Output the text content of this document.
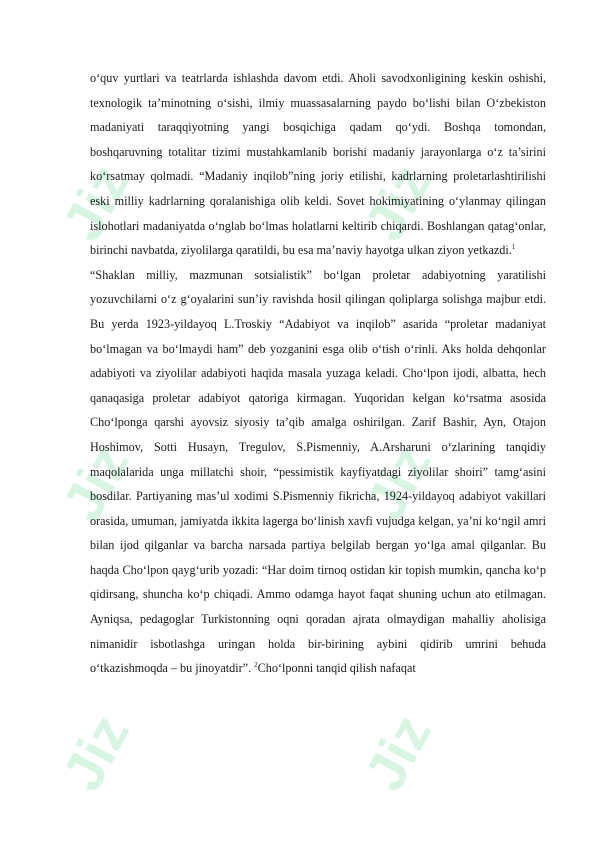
Jiz	Jiz
Jiz	Jiz
Jiz	Jiz

o‘quv yurtlari va teatrlarda ishlashda davom etdi. Aholi savodxonligining keskin oshishi, texnologik ta’minotning o‘sishi, ilmiy muassasalarning paydo bo‘lishi bilan O‘zbekiston madaniyati taraqqiyotning yangi bosqichiga qadam qo‘ydi. Boshqa tomondan, boshqaruvning totalitar tizimi mustahkamlanib borishi madaniy jarayonlarga o‘z ta’sirini ko‘rsatmay qolmadi. “Madaniy inqilob”ning joriy etilishi, kadrlarning proletarlashtirilishi eski milliy kadrlarning qoralanishiga olib keldi. Sovet hokimiyatining o‘ylanmay qilingan islohotlari madaniyatda o‘nglab bo‘lmas holatlarni keltirib chiqardi. Boshlangan qatag‘onlar, birinchi navbatda, ziyolilarga qaratildi, bu esa ma’naviy hayotga ulkan ziyon yetkazdi.$^1$

“Shaklan milliy, mazmunan sotsialistik” bo‘lgan proletar adabiyotning yaratilishi yozuvchilarni o‘z g‘oyalarini sun’iy ravishda hosil qilingan qoliplarga solishga majbur etdi. Bu yerda 1923-yildayoq L.Troskiy “Adabiyot va inqilob” asarida “proletar madaniyat bo‘lmagan va bo‘lmaydi ham” deb yozganini esga olib o‘tish o‘rinli. Aks holda dehqonlar adabiyoti va ziyolilar adabiyoti haqida masala yuzaga keladi. Cho‘lpon ijodi, albatta, hech qanaqasiga proletar adabiyot qatoriga kirmagan. Yuqoridan kelgan ko‘rsatma asosida Cho‘lponga qarshi ayovsiz siyosiy ta’qib amalga oshirilgan. Zarif Bashir, Ayn, Otajon Hoshimov, Sotti Husayn, Tregulov, S.Pismenniy, A.Arsharuni o‘zlarining tanqidiy maqolalarida unga millatchi shoir, “pessimistik kayfiyatdagi ziyolilar shoiri” tamg‘asini bosdilar. Partiyaning mas’ul xodimi S.Pismenniy fikricha, 1924-yildayoq adabiyot vakillari orasida, umuman, jamiyatda ikkita lagerga bo‘linish xavfi vujudga kelgan, ya’ni ko‘ngil amri bilan ijod qilganlar va barcha narsada partiya belgilab bergan yo‘lga amal qilganlar. Bu haqda Cho‘lpon qayg‘urib yozadi: “Har doim tirnoq ostidan kir topish mumkin, qancha ko‘p qidirsang, shuncha ko‘p chiqadi. Ammo odamga hayot faqat shuning uchun ato etilmagan. Ayniqsa, pedagoglar Turkistonning oqni qoradan ajrata olmaydigan mahalliy aholisiga nimanidir isbotlashga uringan holda bir-birining aybini qidirib umrini behuda o‘tkazishmoqda – bu jinoyatdir”. $^2$Cho‘lponni tanqid qilish nafaqat
